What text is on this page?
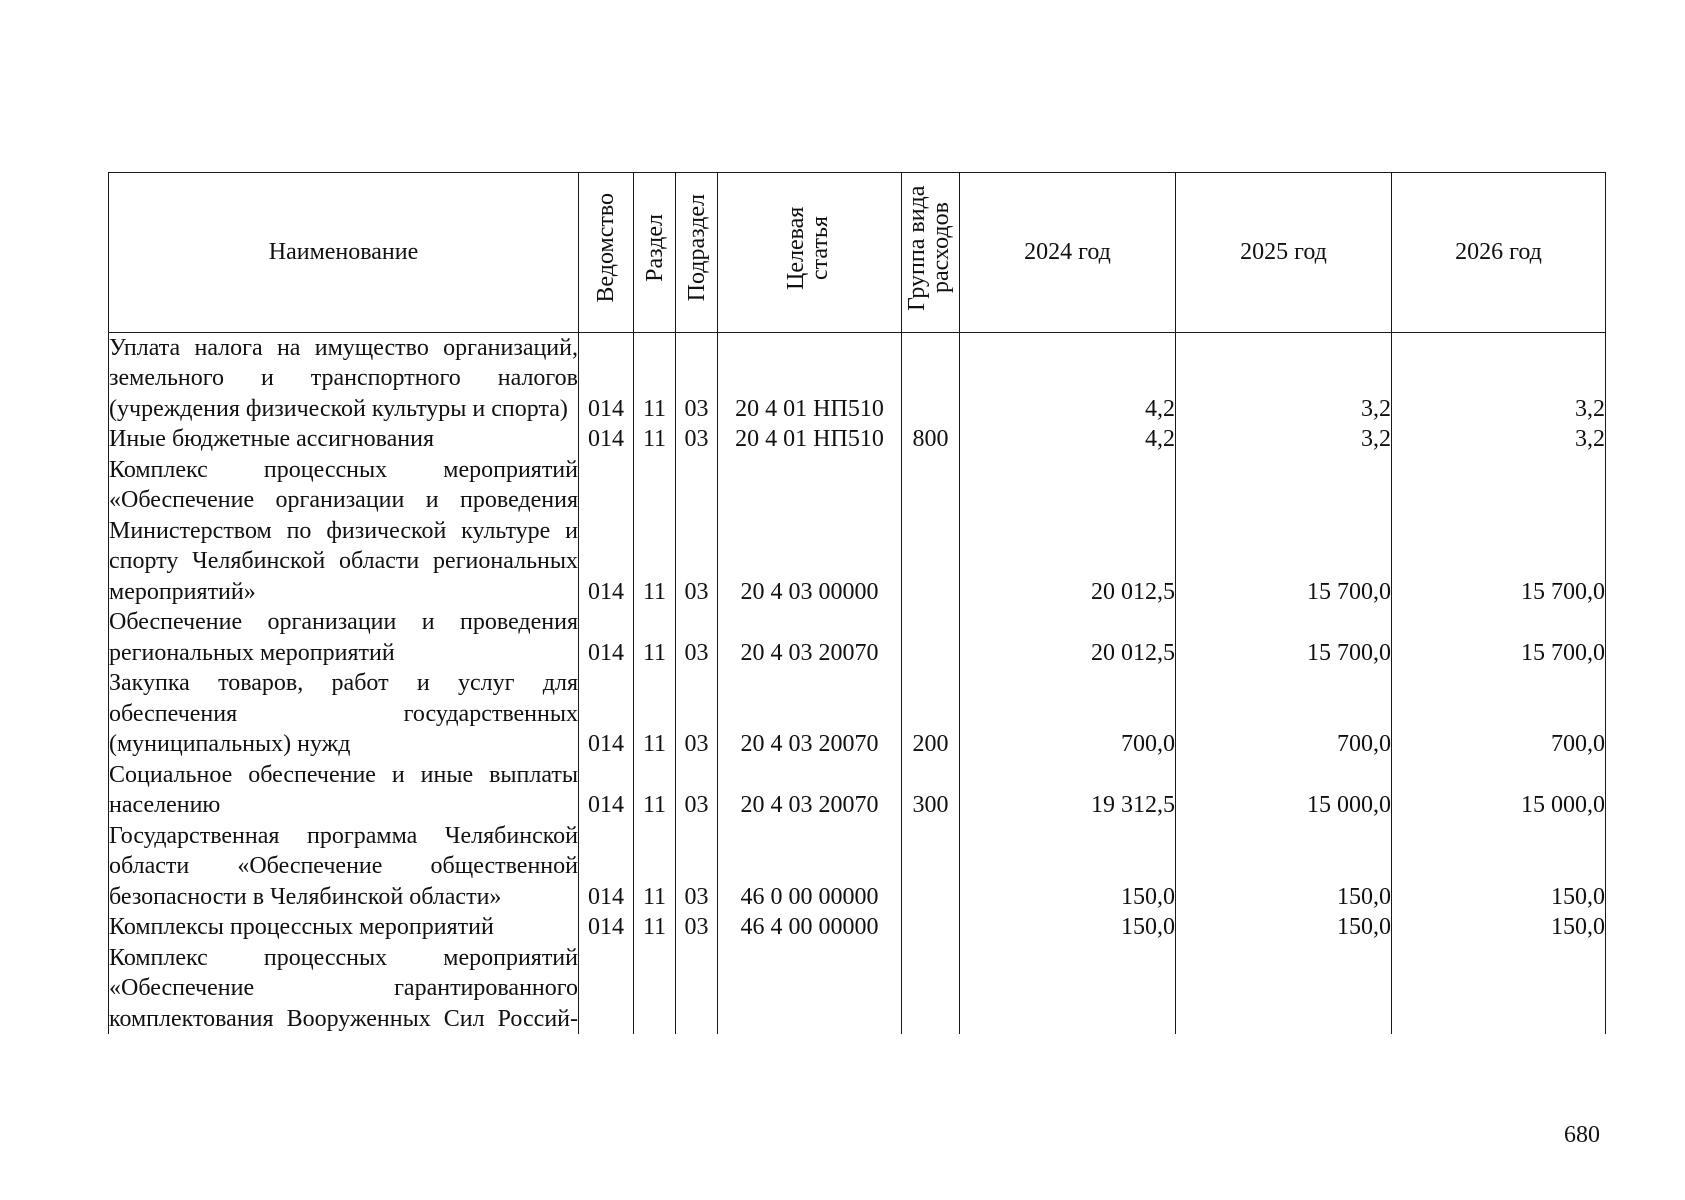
Наименование	Ведомство	Раздел	Подраздел	Целевая статья	Группа вида расходов	2024 год	2025 год	2026 год
Уплата налога на имущество организаций, земельного и транспортного налогов (учреждения физической культуры и спорта)	014	11	03	20 4 01 НП510		4,2	3,2	3,2
Иные бюджетные ассигнования	014	11	03	20 4 01 НП510	800	4,2	3,2	3,2
Комплекс процессных мероприятий «Обеспечение организации и проведения Министерством по физической культуре и спорту Челябинской области региональных мероприятий»	014	11	03	20 4 03 00000		20 012,5	15 700,0	15 700,0
Обеспечение организации и проведения региональных мероприятий	014	11	03	20 4 03 20070		20 012,5	15 700,0	15 700,0
Закупка товаров, работ и услуг для обеспечения государственных (муниципальных) нужд	014	11	03	20 4 03 20070	200	700,0	700,0	700,0
Социальное обеспечение и иные выплаты населению	014	11	03	20 4 03 20070	300	19 312,5	15 000,0	15 000,0
Государственная программа Челябинской области «Обеспечение общественной безопасности в Челябинской области»	014	11	03	46 0 00 00000		150,0	150,0	150,0
Комплексы процессных мероприятий	014	11	03	46 4 00 00000		150,0	150,0	150,0
Комплекс процессных мероприятий «Обеспечение гарантированного комплектования Вооруженных Сил Россий-								
680
